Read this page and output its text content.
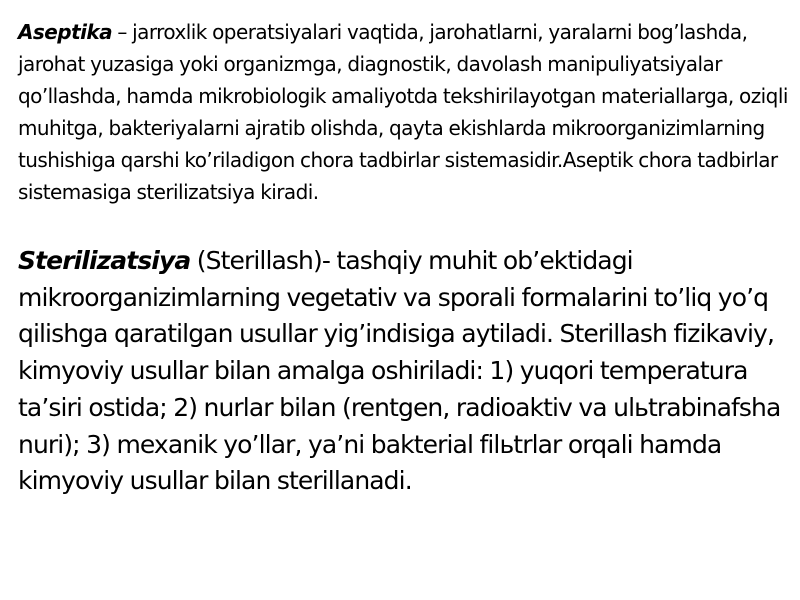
Aseptika – jarroxlik operatsiyalari vaqtida, jarohatlarni, yaralarni bog’lashda, jarohat yuzasiga yoki organizmga, diagnostik, davolash manipuliyatsiyalar qo’llashda, hamda mikrobiologik amaliyotda tekshirilayotgan materiallarga, oziqli muhitga, bakteriyalarni ajratib olishda, qayta ekishlarda mikroorganizimlarning tushishiga qarshi ko’riladigon chora tadbirlar sistemasidir.Aseptik chora tadbirlar sistemasiga sterilizatsiya kiradi.

Sterilizatsiya (Sterillash)- tashqiy muhit ob’ektidagi mikroorganizimlarning vegetativ va sporali formalarini to’liq yo’q qilishga qaratilgan usullar yig’indisiga aytiladi. Sterillash fizikaviy, kimyoviy usullar bilan amalga oshiriladi: 1) yuqori temperatura ta’siri ostida; 2) nurlar bilan (rentgen, radioaktiv va ulьtrabinafsha nuri); 3) mexanik yo’llar, ya’ni bakterial filьtrlar orqali hamda kimyoviy usullar bilan sterillanadi.
